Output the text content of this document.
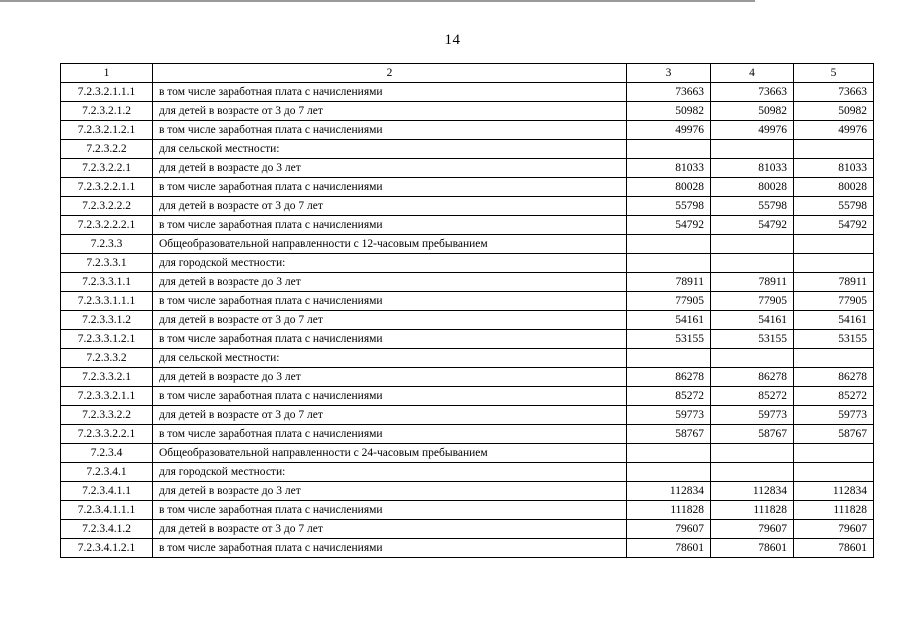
14
1	2	3	4	5
7.2.3.2.1.1.1	в том числе заработная плата с начислениями	73663	73663	73663
7.2.3.2.1.2	для детей в возрасте от 3 до 7 лет	50982	50982	50982
7.2.3.2.1.2.1	в том числе заработная плата с начислениями	49976	49976	49976
7.2.3.2.2	для сельской местности:			
7.2.3.2.2.1	для детей в возрасте до 3 лет	81033	81033	81033
7.2.3.2.2.1.1	в том числе заработная плата с начислениями	80028	80028	80028
7.2.3.2.2.2	для детей в возрасте от 3 до 7 лет	55798	55798	55798
7.2.3.2.2.2.1	в том числе заработная плата с начислениями	54792	54792	54792
7.2.3.3	Общеобразовательной направленности с 12-часовым пребыванием			
7.2.3.3.1	для городской местности:			
7.2.3.3.1.1	для детей в возрасте до 3 лет	78911	78911	78911
7.2.3.3.1.1.1	в том числе заработная плата с начислениями	77905	77905	77905
7.2.3.3.1.2	для детей в возрасте от 3 до 7 лет	54161	54161	54161
7.2.3.3.1.2.1	в том числе заработная плата с начислениями	53155	53155	53155
7.2.3.3.2	для сельской местности:			
7.2.3.3.2.1	для детей в возрасте до 3 лет	86278	86278	86278
7.2.3.3.2.1.1	в том числе заработная плата с начислениями	85272	85272	85272
7.2.3.3.2.2	для детей в возрасте от 3 до 7 лет	59773	59773	59773
7.2.3.3.2.2.1	в том числе заработная плата с начислениями	58767	58767	58767
7.2.3.4	Общеобразовательной направленности с 24-часовым пребыванием			
7.2.3.4.1	для городской местности:			
7.2.3.4.1.1	для детей в возрасте до 3 лет	112834	112834	112834
7.2.3.4.1.1.1	в том числе заработная плата с начислениями	111828	111828	111828
7.2.3.4.1.2	для детей в возрасте от 3 до 7 лет	79607	79607	79607
7.2.3.4.1.2.1	в том числе заработная плата с начислениями	78601	78601	78601
